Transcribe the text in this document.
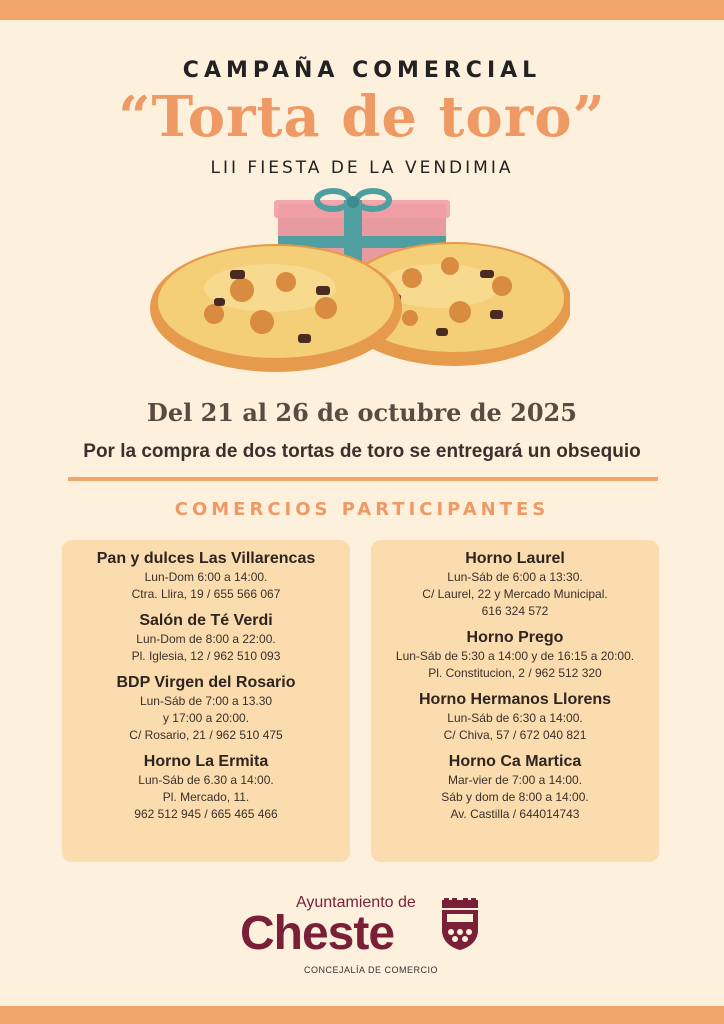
CAMPAÑA COMERCIAL
“Torta de toro”
LII FIESTA DE LA VENDIMIA
Del 21 al 26 de octubre de 2025
Por la compra de dos tortas de toro se entregará un obsequio
COMERCIOS PARTICIPANTES
Pan y dulces Las Villarencas
Lun-Dom 6:00 a 14:00.
Ctra. Llira, 19 / 655 566 067
Salón de Té Verdi
Lun-Dom de 8:00 a 22:00.
Pl. Iglesia, 12 / 962 510 093
BDP Virgen del Rosario
Lun-Sáb de 7:00 a 13.30
y 17:00 a 20:00.
C/ Rosario, 21 / 962 510 475
Horno La Ermita
Lun-Sáb de 6.30 a 14:00.
Pl. Mercado, 11.
962 512 945 / 665 465 466
Horno Laurel
Lun-Sáb de 6:00 a 13:30.
C/ Laurel, 22 y Mercado Municipal.
616 324 572
Horno Prego
Lun-Sáb de 5:30 a 14:00 y de 16:15 a 20:00.
Pl. Constitucion, 2 / 962 512 320
Horno Hermanos Llorens
Lun-Sáb de 6:30 a 14:00.
C/ Chiva, 57 / 672 040 821
Horno Ca Martica
Mar-vier de 7:00 a 14:00.
Sáb y dom de 8:00 a 14:00.
Av. Castilla / 644014743
Ayuntamiento de
Cheste
CONCEJALÍA DE COMERCIO
